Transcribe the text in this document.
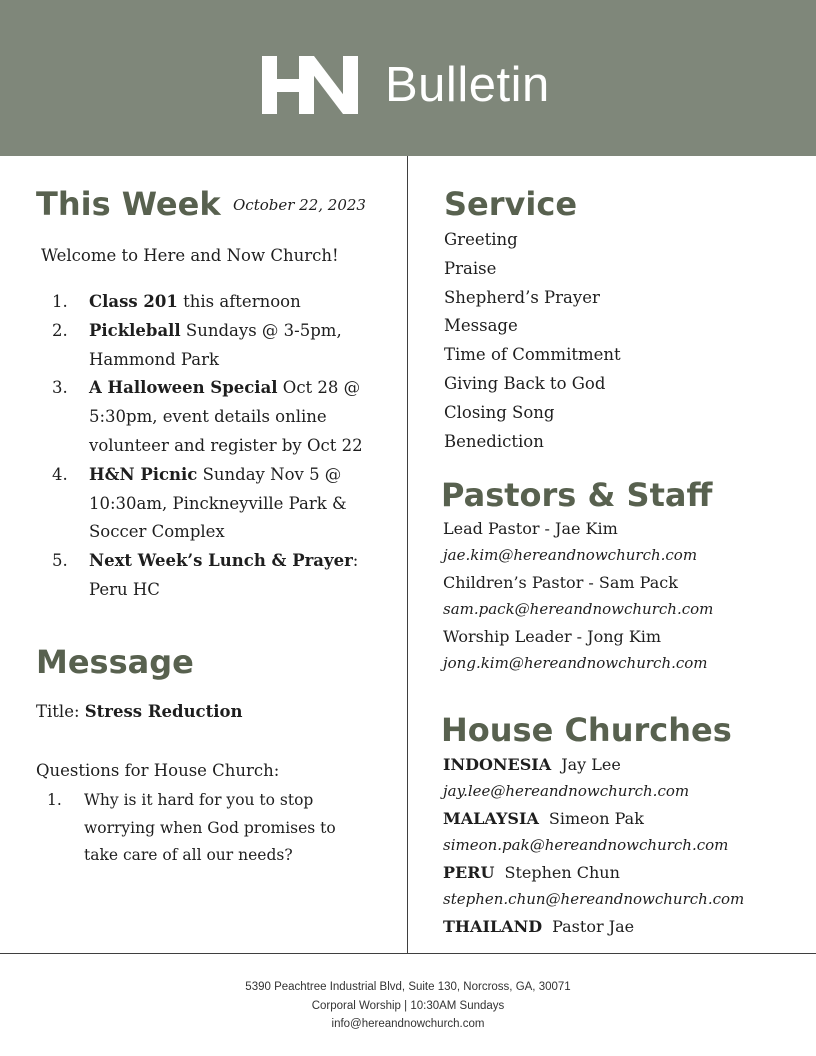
Bulletin
This Week October 22, 2023
Welcome to Here and Now Church!
1. Class 201 this afternoon
2. Pickleball Sundays @ 3-5pm, Hammond Park
3. A Halloween Special Oct 28 @ 5:30pm, event details online volunteer and register by Oct 22
4. H&N Picnic Sunday Nov 5 @ 10:30am, Pinckneyville Park & Soccer Complex
5. Next Week’s Lunch & Prayer: Peru HC
Message
Title: Stress Reduction
Questions for House Church:
1. Why is it hard for you to stop worrying when God promises to take care of all our needs?
Service
Greeting
Praise
Shepherd’s Prayer
Message
Time of Commitment
Giving Back to God
Closing Song
Benediction
Pastors & Staff
Lead Pastor - Jae Kim
jae.kim@hereandnowchurch.com
Children’s Pastor - Sam Pack
sam.pack@hereandnowchurch.com
Worship Leader - Jong Kim
jong.kim@hereandnowchurch.com
House Churches
INDONESIA Jay Lee
jay.lee@hereandnowchurch.com
MALAYSIA Simeon Pak
simeon.pak@hereandnowchurch.com
PERU Stephen Chun
stephen.chun@hereandnowchurch.com
THAILAND Pastor Jae
5390 Peachtree Industrial Blvd, Suite 130, Norcross, GA, 30071
Corporal Worship | 10:30AM Sundays
info@hereandnowchurch.com
